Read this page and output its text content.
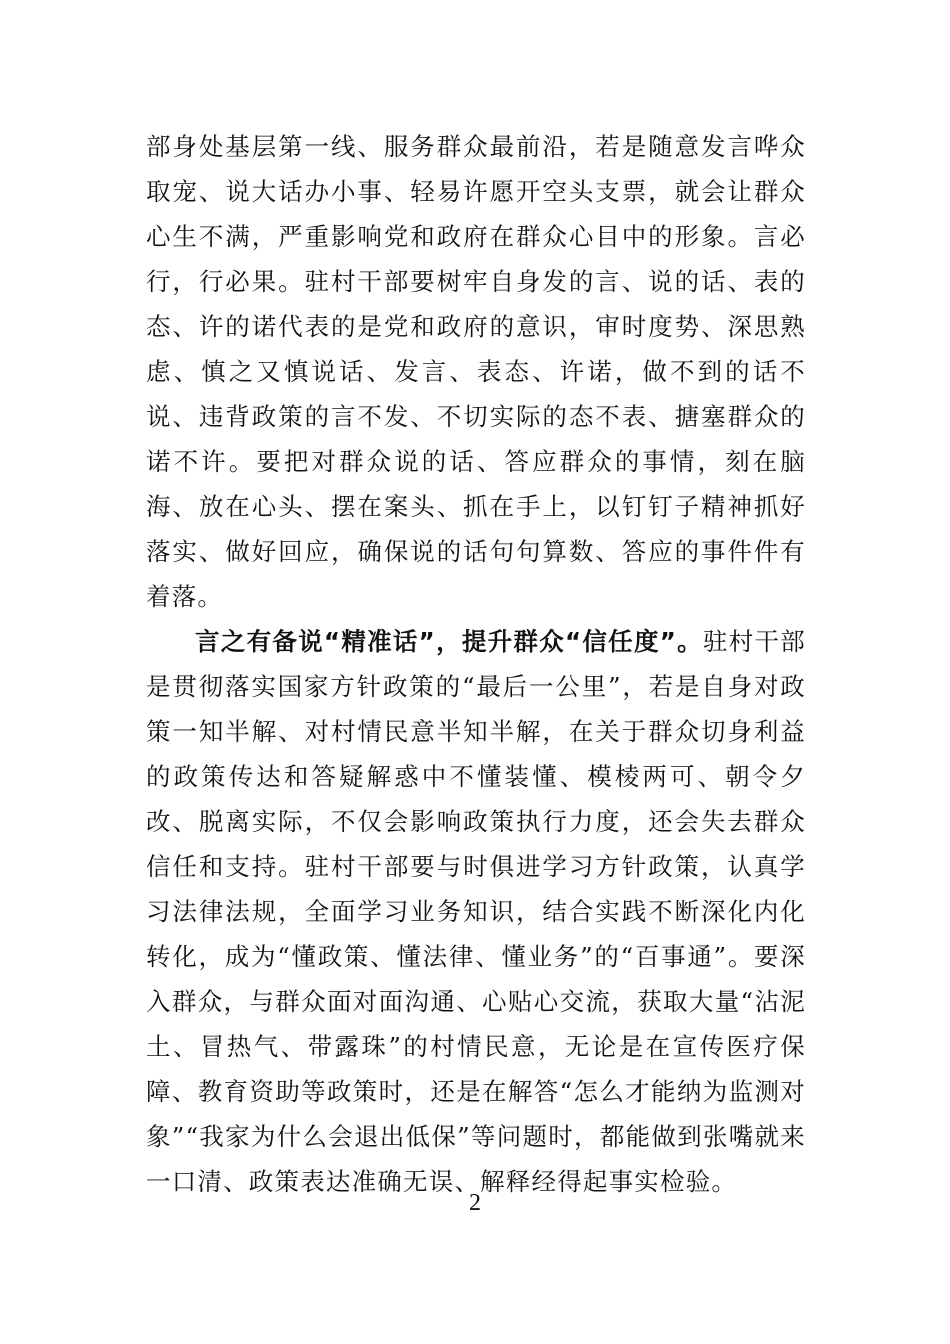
部身处基层第一线、服务群众最前沿，若是随意发言哗众取宠、说大话办小事、轻易许愿开空头支票，就会让群众心生不满，严重影响党和政府在群众心目中的形象。言必行，行必果。驻村干部要树牢自身发的言、说的话、表的态、许的诺代表的是党和政府的意识，审时度势、深思熟虑、慎之又慎说话、发言、表态、许诺，做不到的话不说、违背政策的言不发、不切实际的态不表、搪塞群众的诺不许。要把对群众说的话、答应群众的事情，刻在脑海、放在心头、摆在案头、抓在手上，以钉钉子精神抓好落实、做好回应，确保说的话句句算数、答应的事件件有着落。

言之有备说“精准话”，提升群众“信任度”。驻村干部是贯彻落实国家方针政策的“最后一公里”，若是自身对政策一知半解、对村情民意半知半解，在关于群众切身利益的政策传达和答疑解惑中不懂装懂、模棱两可、朝令夕改、脱离实际，不仅会影响政策执行力度，还会失去群众信任和支持。驻村干部要与时俱进学习方针政策，认真学习法律法规，全面学习业务知识，结合实践不断深化内化转化，成为“懂政策、懂法律、懂业务”的“百事通”。要深入群众，与群众面对面沟通、心贴心交流，获取大量“沾泥土、冒热气、带露珠”的村情民意，无论是在宣传医疗保障、教育资助等政策时，还是在解答“怎么才能纳为监测对象”“我家为什么会退出低保”等问题时，都能做到张嘴就来一口清、政策表达准确无误、解释经得起事实检验。

2
